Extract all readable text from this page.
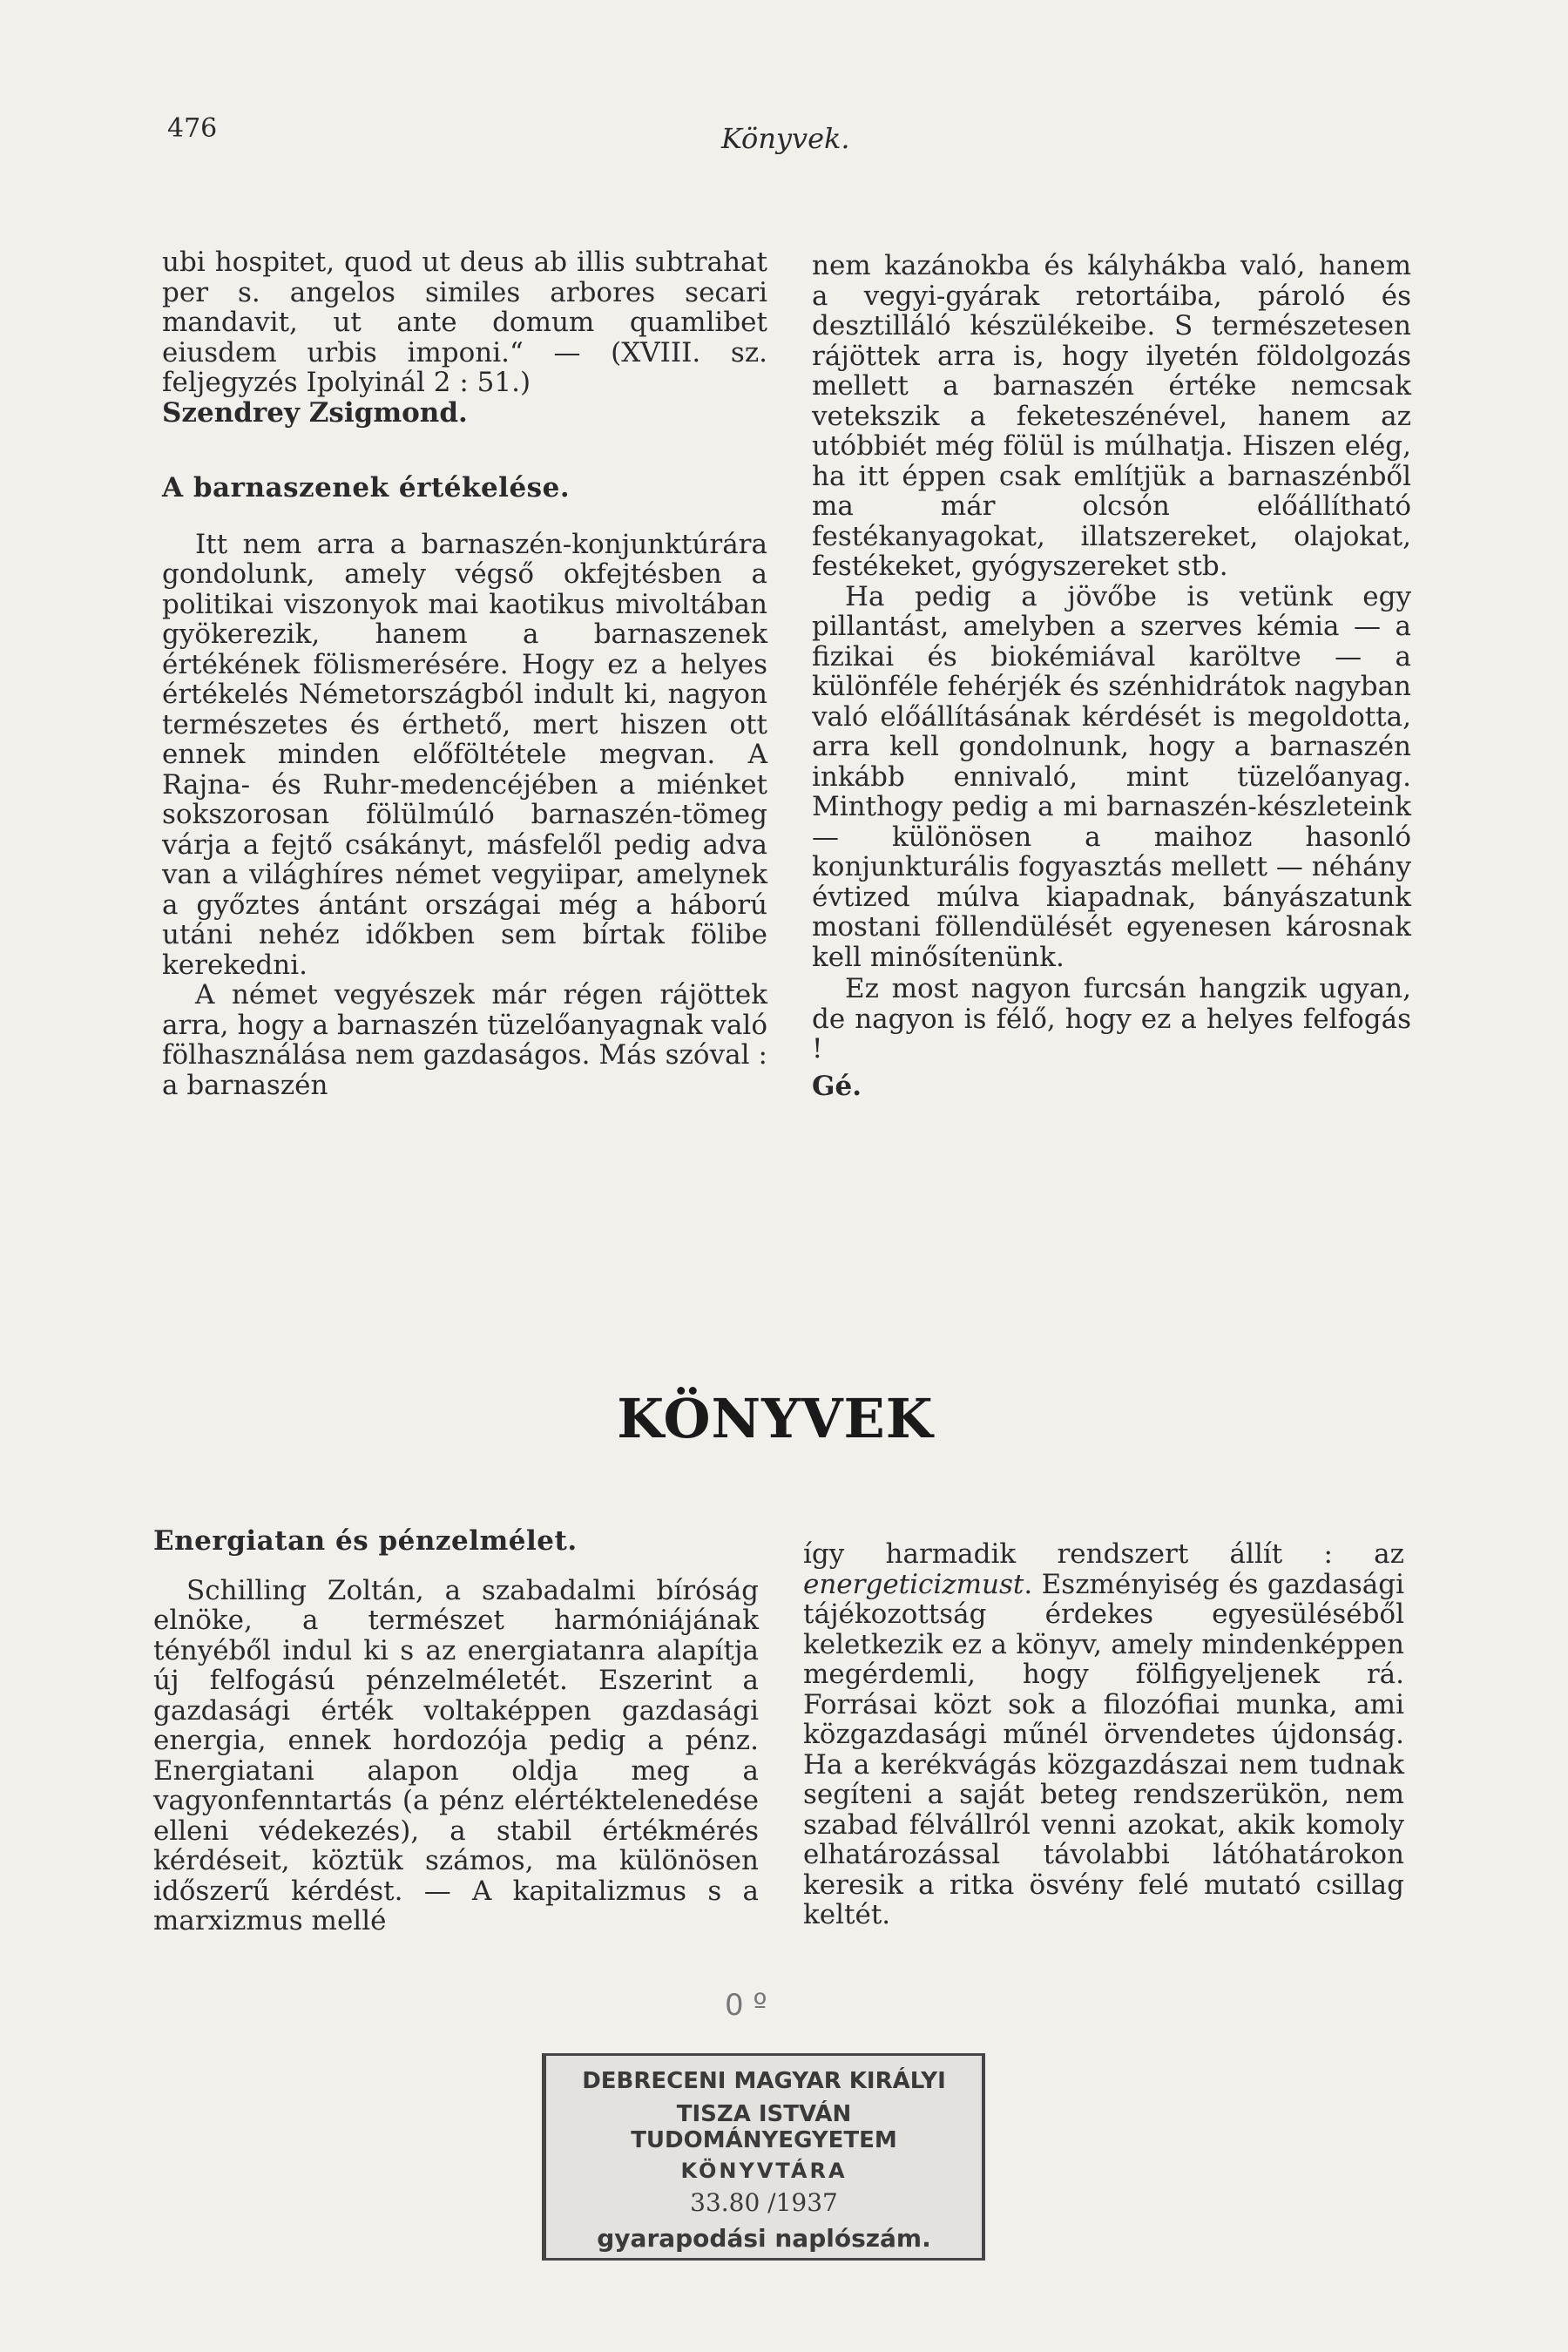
476	Könyvek.

ubi hospitet, quod ut deus ab illis subtrahat per s. angelos similes arbores secari mandavit, ut ante domum quamlibet eiusdem urbis imponi.“ — (XVIII. sz. feljegyzés Ipolyinál 2 : 51.)

Szendrey Zsigmond.

A barnaszenek értékelése.

Itt nem arra a barnaszén-konjunktúrára gondolunk, amely végső okfejtésben a politikai viszonyok mai kaotikus mivoltában gyökerezik, hanem a barnaszenek értékének fölismerésére. Hogy ez a helyes értékelés Németországból indult ki, nagyon természetes és érthető, mert hiszen ott ennek minden előföltétele megvan. A Rajna- és Ruhr-medencéjében a miénket sokszorosan fölülmúló barnaszén-tömeg várja a fejtő csákányt, másfelől pedig adva van a világhíres német vegyiipar, amelynek a győztes ántánt országai még a háború utáni nehéz időkben sem bírtak fölibe kerekedni.

A német vegyészek már régen rájöttek arra, hogy a barnaszén tüzelőanyagnak való fölhasználása nem gazdaságos. Más szóval : a barnaszén

nem kazánokba és kályhákba való, hanem a vegyi-gyárak retortáiba, pároló és desztilláló készülékeibe. S természetesen rájöttek arra is, hogy ilyetén földolgozás mellett a barnaszén értéke nemcsak vetekszik a feketeszénével, hanem az utóbbiét még fölül is múlhatja. Hiszen elég, ha itt éppen csak említjük a barnaszénből ma már olcsón előállítható festékanyagokat, illatszereket, olajokat, festékeket, gyógyszereket stb.

Ha pedig a jövőbe is vetünk egy pillantást, amelyben a szerves kémia — a fizikai és biokémiával karöltve — a különféle fehérjék és szénhidrátok nagyban való előállításának kérdését is megoldotta, arra kell gondolnunk, hogy a barnaszén inkább ennivaló, mint tüzelőanyag. Minthogy pedig a mi barnaszén-készleteink — különösen a maihoz hasonló konjunkturális fogyasztás mellett — néhány évtized múlva kiapadnak, bányászatunk mostani föllendülését egyenesen károsnak kell minősítenünk.

Ez most nagyon furcsán hangzik ugyan, de nagyon is félő, hogy ez a helyes felfogás !

Gé.

KÖNYVEK

Energiatan és pénzelmélet.

Schilling Zoltán, a szabadalmi bíróság elnöke, a természet harmóniájának tényéből indul ki s az energiatanra alapítja új felfogású pénzelméletét. Eszerint a gazdasági érték voltaképpen gazdasági energia, ennek hordozója pedig a pénz. Energiatani alapon oldja meg a vagyonfenntartás (a pénz elértéktelenedése elleni védekezés), a stabil értékmérés kérdéseit, köztük számos, ma különösen időszerű kérdést. — A kapitalizmus s a marxizmus mellé

így harmadik rendszert állít : az energeticizmust. Eszményiség és gazdasági tájékozottság érdekes egyesüléséből keletkezik ez a könyv, amely mindenképpen megérdemli, hogy fölfigyeljenek rá. Forrásai közt sok a filozófiai munka, ami közgazdasági műnél örvendetes újdonság. Ha a kerékvágás közgazdászai nem tudnak segíteni a saját beteg rendszerükön, nem szabad félvállról venni azokat, akik komoly elhatározással távolabbi látóhatárokon keresik a ritka ösvény felé mutató csillag keltét.

0 º
DEBRECENI MAGYAR KIRÁLYI
TISZA ISTVÁN TUDOMÁNYEGYETEM
KÖNYVTÁRA
33.80 /1937
gyarapodási naplószám.
